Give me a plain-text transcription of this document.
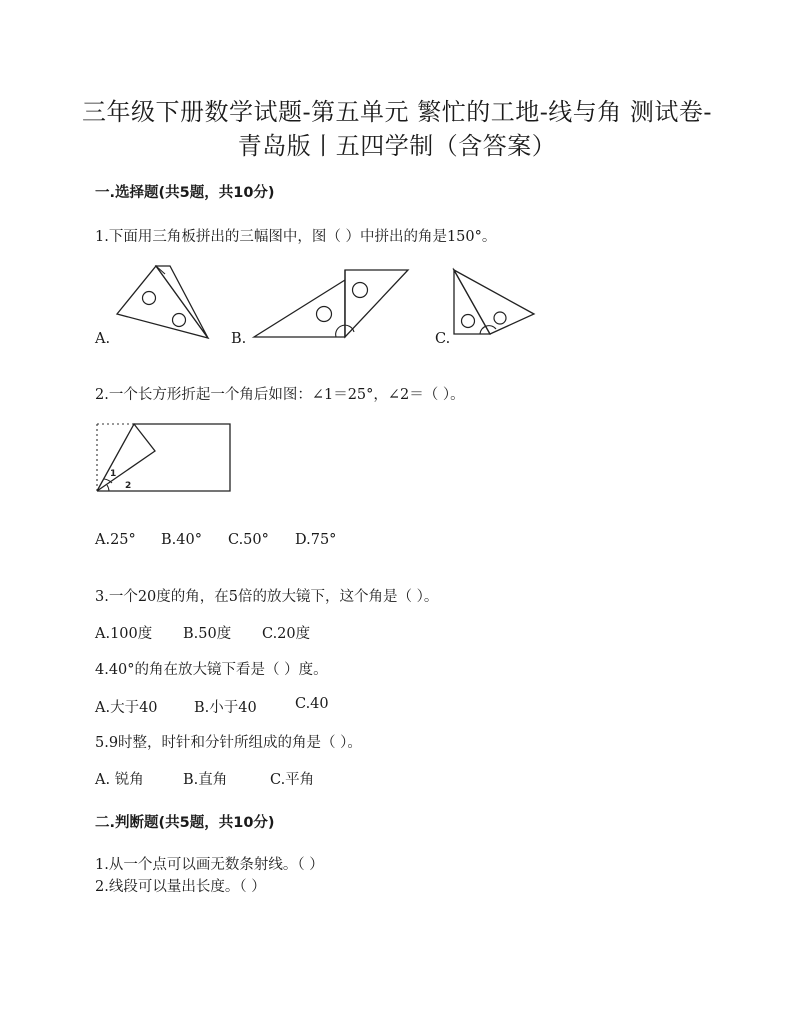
三年级下册数学试题-第五单元 繁忙的工地-线与角 测试卷-
青岛版丨五四学制（含答案）
一.选择题(共5题，共10分)
1.下面用三角板拼出的三幅图中，图（ ）中拼出的角是150°。
A.	B.	C.
2.一个长方形折起一个角后如图：∠1＝25°，∠2＝（ ）。
1
2
A.25° B.40° C.50° D.75°
3.一个20度的角，在5倍的放大镜下，这个角是（ ）。
A.100度 B.50度 C.20度
4.40°的角在放大镜下看是（ ）度。
A.大于40	B.小于40	C.40
5.9时整，时针和分针所组成的角是（ ）。
A. 锐角	B.直角	C.平角
二.判断题(共5题，共10分)
1.从一个点可以画无数条射线。（ ）
2.线段可以量出长度。（ ）
